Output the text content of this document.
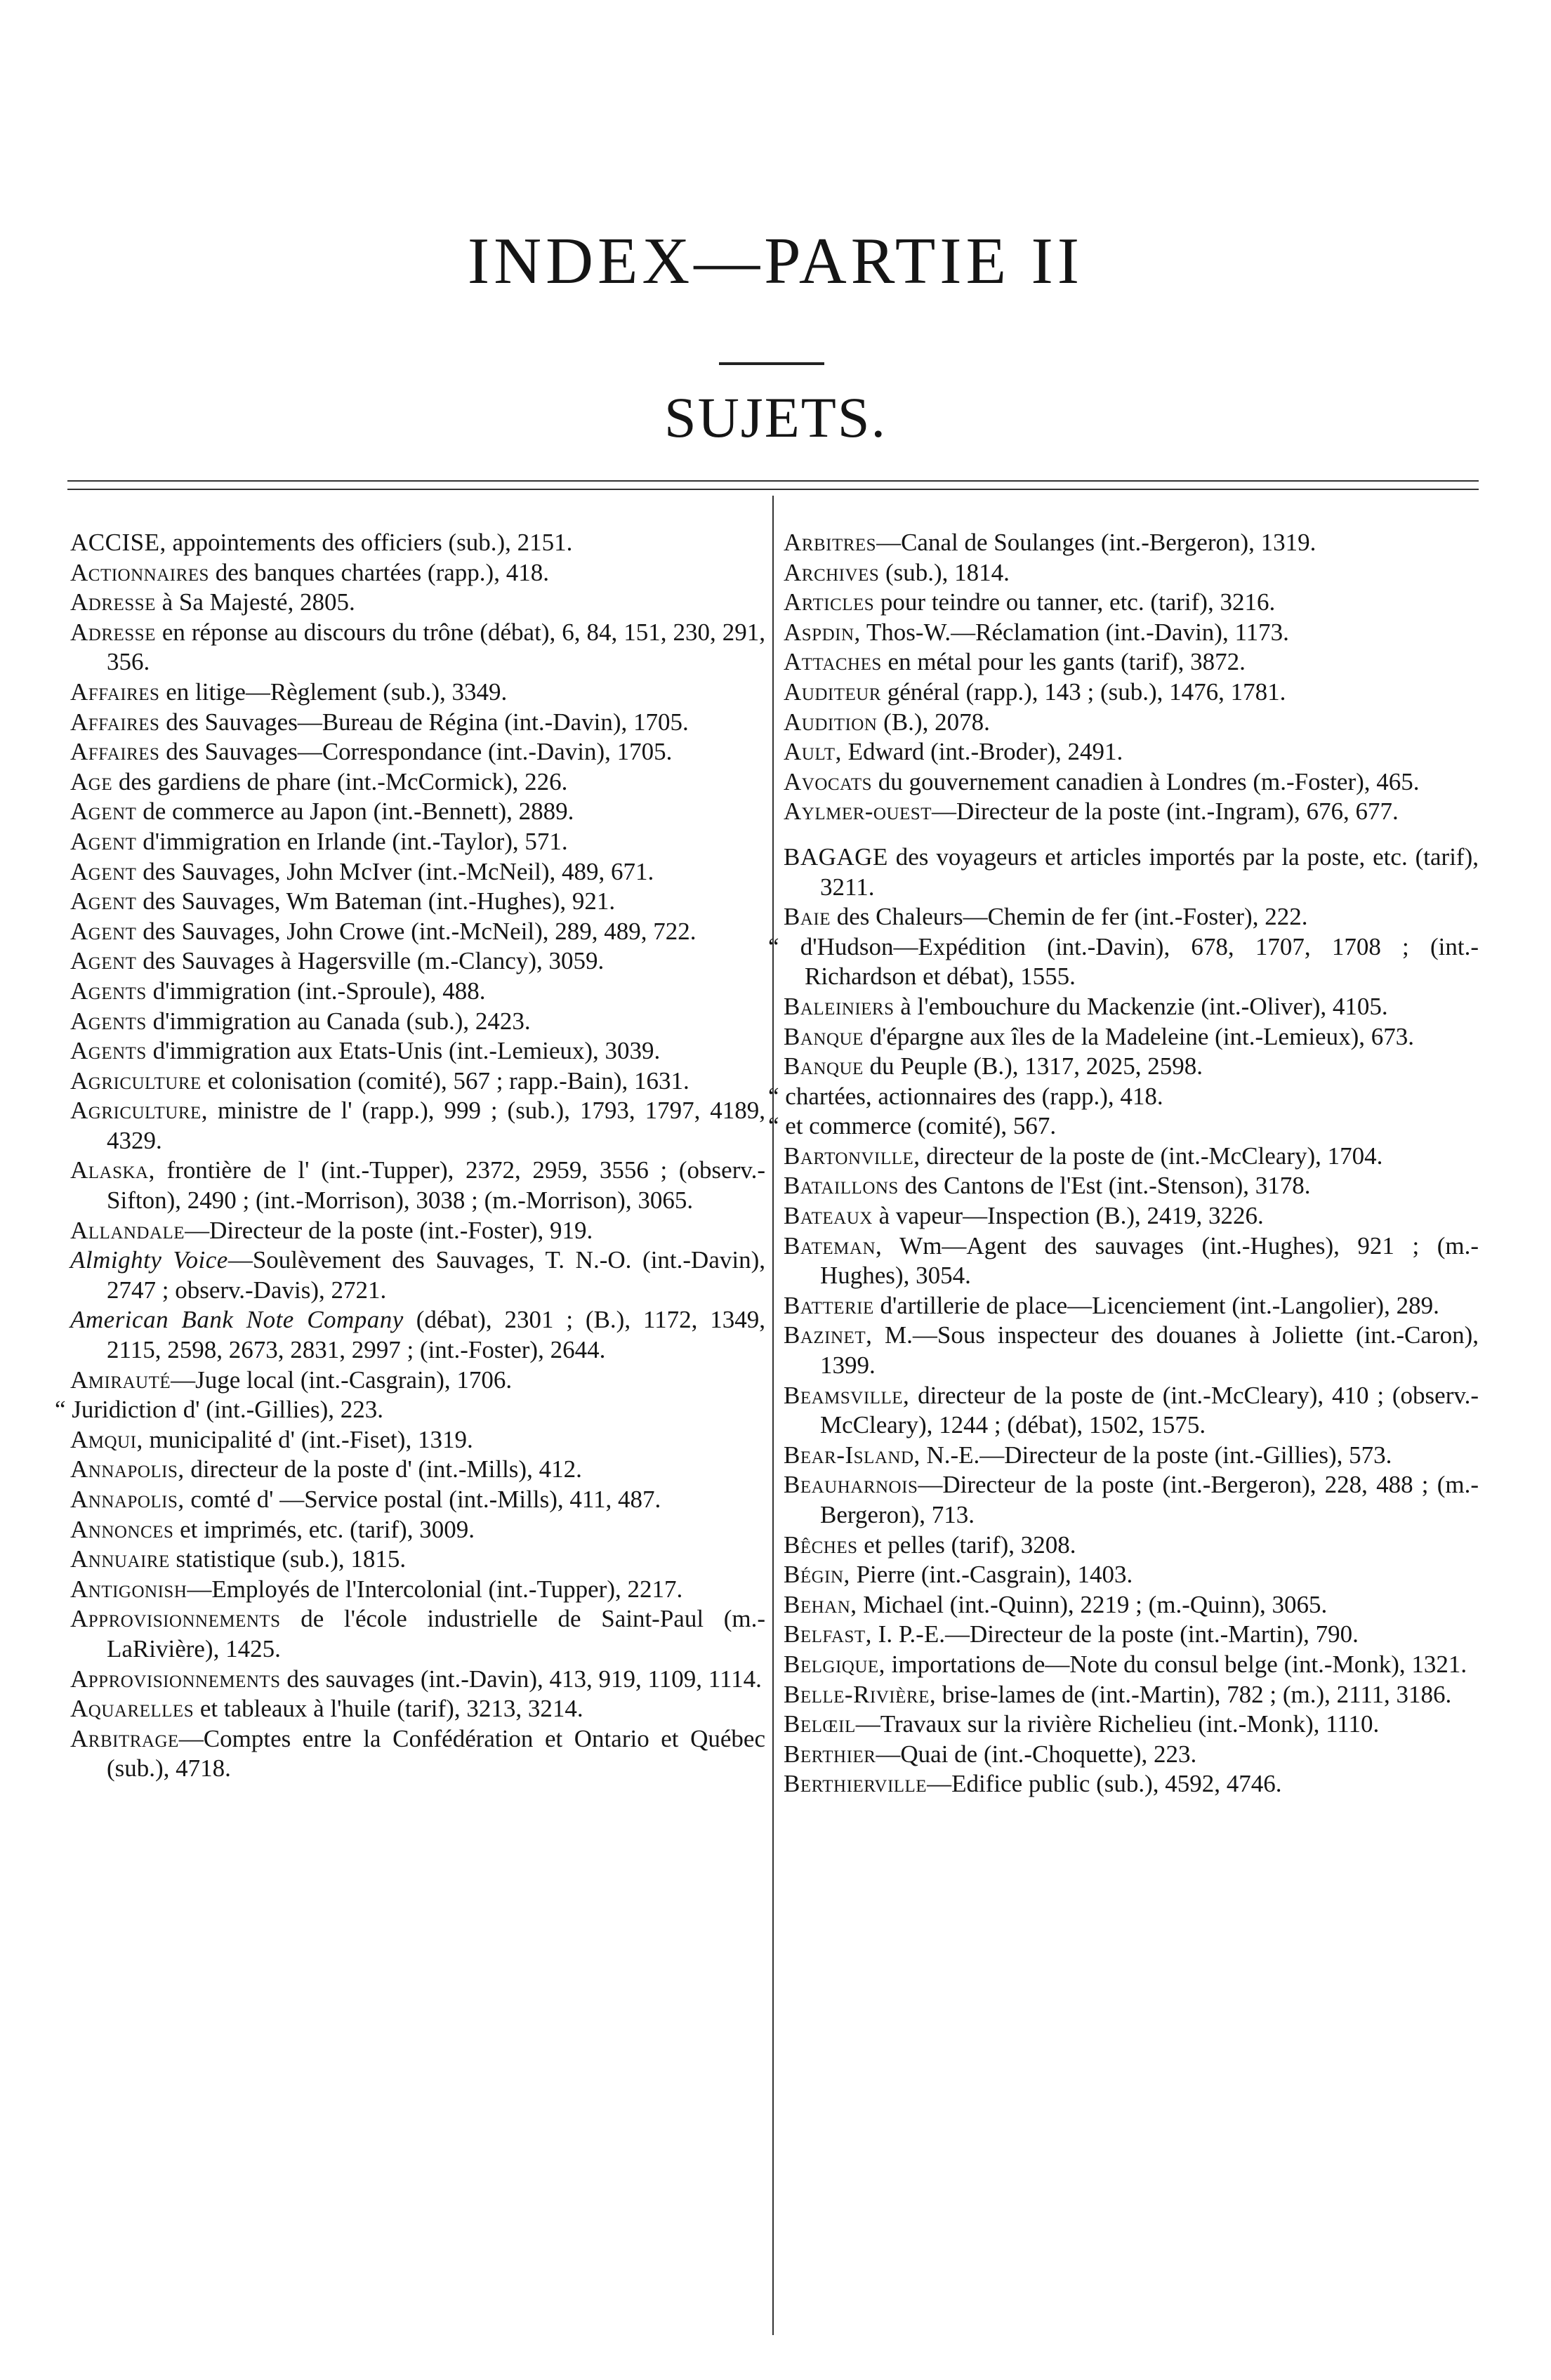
INDEX—PARTIE II
SUJETS.

ACCISE, appointements des officiers (sub.), 2151.

Actionnaires des banques chartées (rapp.), 418.

Adresse à Sa Majesté, 2805.

Adresse en réponse au discours du trône (débat), 6, 84, 151, 230, 291, 356.

Affaires en litige—Règlement (sub.), 3349.

Affaires des Sauvages—Bureau de Régina (int.-Davin), 1705.

Affaires des Sauvages—Correspondance (int.-Davin), 1705.

Age des gardiens de phare (int.-McCormick), 226.

Agent de commerce au Japon (int.-Bennett), 2889.

Agent d'immigration en Irlande (int.-Taylor), 571.

Agent des Sauvages, John McIver (int.-McNeil), 489, 671.

Agent des Sauvages, Wm Bateman (int.-Hughes), 921.

Agent des Sauvages, John Crowe (int.-McNeil), 289, 489, 722.

Agent des Sauvages à Hagersville (m.-Clancy), 3059.

Agents d'immigration (int.-Sproule), 488.

Agents d'immigration au Canada (sub.), 2423.

Agents d'immigration aux Etats-Unis (int.-Lemieux), 3039.

Agriculture et colonisation (comité), 567 ; rapp.-Bain), 1631.

Agriculture, ministre de l' (rapp.), 999 ; (sub.), 1793, 1797, 4189, 4329.

Alaska, frontière de l' (int.-Tupper), 2372, 2959, 3556 ; (observ.-Sifton), 2490 ; (int.-Morrison), 3038 ; (m.-Morrison), 3065.

Allandale—Directeur de la poste (int.-Foster), 919.

Almighty Voice—Soulèvement des Sauvages, T. N.-O. (int.-Davin), 2747 ; observ.-Davis), 2721.

American Bank Note Company (débat), 2301 ; (B.), 1172, 1349, 2115, 2598, 2673, 2831, 2997 ; (int.-Foster), 2644.

Amirauté—Juge local (int.-Casgrain), 1706.

“ Juridiction d' (int.-Gillies), 223.

Amqui, municipalité d' (int.-Fiset), 1319.

Annapolis, directeur de la poste d' (int.-Mills), 412.

Annapolis, comté d' —Service postal (int.-Mills), 411, 487.

Annonces et imprimés, etc. (tarif), 3009.

Annuaire statistique (sub.), 1815.

Antigonish—Employés de l'Intercolonial (int.-Tupper), 2217.

Approvisionnements de l'école industrielle de Saint-Paul (m.-LaRivière), 1425.

Approvisionnements des sauvages (int.-Davin), 413, 919, 1109, 1114.

Aquarelles et tableaux à l'huile (tarif), 3213, 3214.

Arbitrage—Comptes entre la Confédération et Ontario et Québec (sub.), 4718.

Arbitres—Canal de Soulanges (int.-Bergeron), 1319.

Archives (sub.), 1814.

Articles pour teindre ou tanner, etc. (tarif), 3216.

Aspdin, Thos-W.—Réclamation (int.-Davin), 1173.

Attaches en métal pour les gants (tarif), 3872.

Auditeur général (rapp.), 143 ; (sub.), 1476, 1781.

Audition (B.), 2078.

Ault, Edward (int.-Broder), 2491.

Avocats du gouvernement canadien à Londres (m.-Foster), 465.

Aylmer-ouest—Directeur de la poste (int.-Ingram), 676, 677.

BAGAGE des voyageurs et articles importés par la poste, etc. (tarif), 3211.

Baie des Chaleurs—Chemin de fer (int.-Foster), 222.

“ d'Hudson—Expédition (int.-Davin), 678, 1707, 1708 ; (int.-Richardson et débat), 1555.

Baleiniers à l'embouchure du Mackenzie (int.-Oliver), 4105.

Banque d'épargne aux îles de la Madeleine (int.-Lemieux), 673.

Banque du Peuple (B.), 1317, 2025, 2598.

“ chartées, actionnaires des (rapp.), 418.

“ et commerce (comité), 567.

Bartonville, directeur de la poste de (int.-McCleary), 1704.

Bataillons des Cantons de l'Est (int.-Stenson), 3178.

Bateaux à vapeur—Inspection (B.), 2419, 3226.

Bateman, Wm—Agent des sauvages (int.-Hughes), 921 ; (m.-Hughes), 3054.

Batterie d'artillerie de place—Licenciement (int.-Langolier), 289.

Bazinet, M.—Sous inspecteur des douanes à Joliette (int.-Caron), 1399.

Beamsville, directeur de la poste de (int.-McCleary), 410 ; (observ.-McCleary), 1244 ; (débat), 1502, 1575.

Bear-Island, N.-E.—Directeur de la poste (int.-Gillies), 573.

Beauharnois—Directeur de la poste (int.-Bergeron), 228, 488 ; (m.-Bergeron), 713.

Bêches et pelles (tarif), 3208.

Bégin, Pierre (int.-Casgrain), 1403.

Behan, Michael (int.-Quinn), 2219 ; (m.-Quinn), 3065.

Belfast, I. P.-E.—Directeur de la poste (int.-Martin), 790.

Belgique, importations de—Note du consul belge (int.-Monk), 1321.

Belle-Rivière, brise-lames de (int.-Martin), 782 ; (m.), 2111, 3186.

Belœil—Travaux sur la rivière Richelieu (int.-Monk), 1110.

Berthier—Quai de (int.-Choquette), 223.

Berthierville—Edifice public (sub.), 4592, 4746.
